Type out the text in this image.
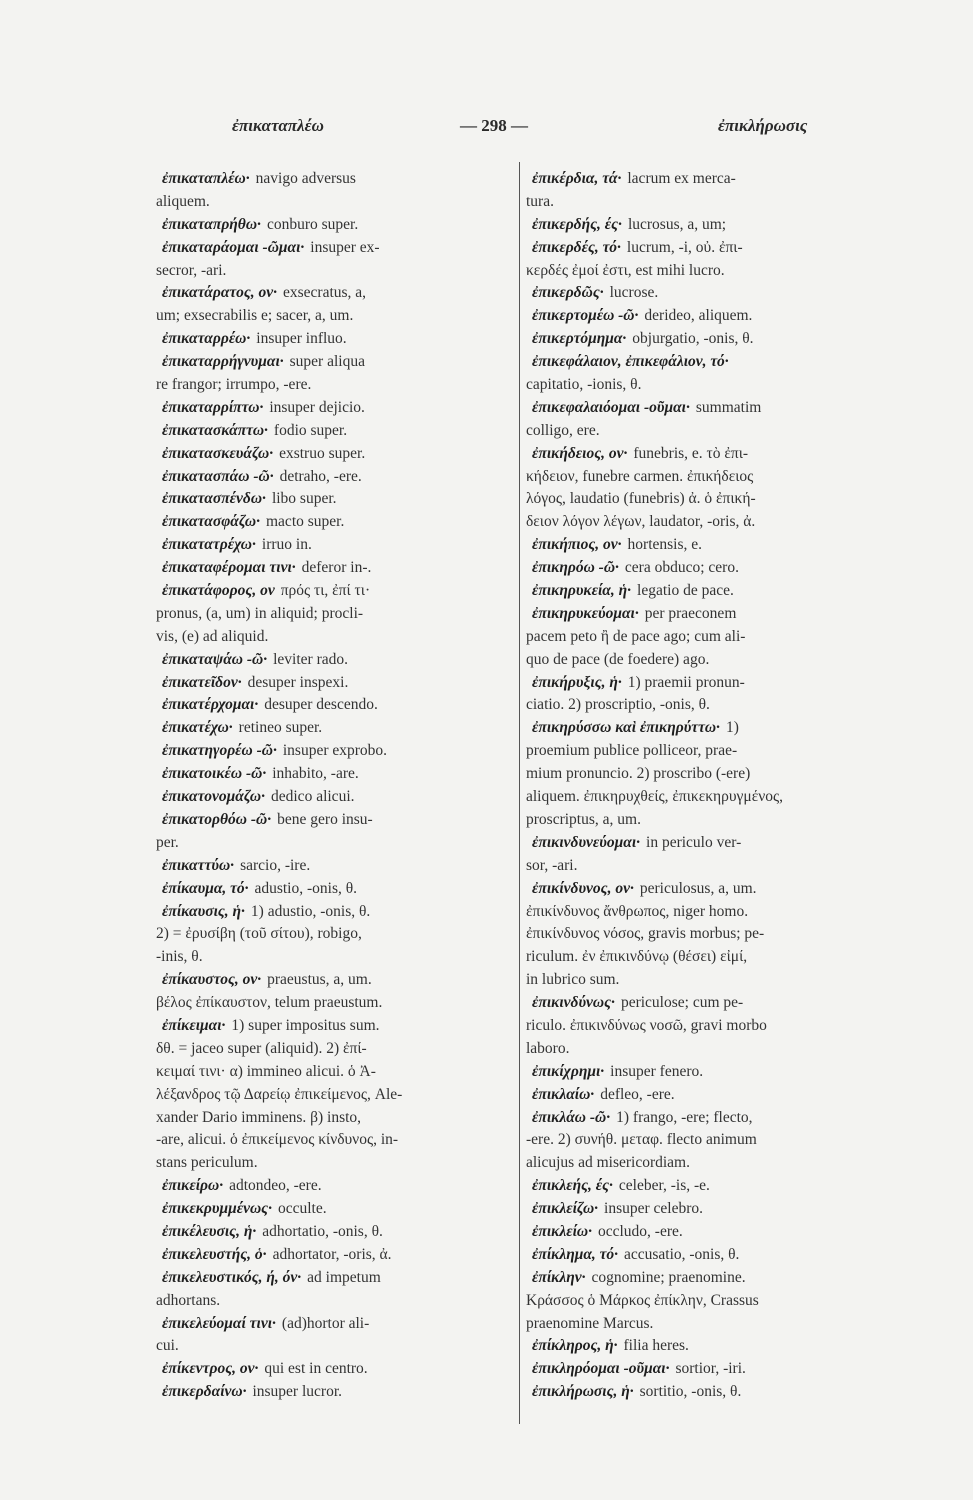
ἐπικαταπλέω	— 298 —	ἐπικλήρωσις
ἐπικαταπλέω· navigo adversus
aliquem.
ἐπικαταπρήθω· conburo super.
ἐπικαταράομαι -ῶμαι· insuper ex-
secror, -ari.
ἐπικατάρατος, ον· exsecratus, a,
um; exsecrabilis e; sacer, a, um.
ἐπικαταρρέω· insuper influo.
ἐπικαταρρήγνυμαι· super aliqua
re frangor; irrumpo, -ere.
ἐπικαταρρίπτω· insuper dejicio.
ἐπικατασκάπτω· fodio super.
ἐπικατασκευάζω· exstruo super.
ἐπικατασπάω -ῶ· detraho, -ere.
ἐπικατασπένδω· libo super.
ἐπικατασφάζω· macto super.
ἐπικατατρέχω· irruo in.
ἐπικαταφέρομαι τινι· deferor in-.
ἐπικατάφορος, ον πρός τι, ἐπί τι·
pronus, (a, um) in aliquid; procli-
vis, (e) ad aliquid.
ἐπικαταψάω -ῶ· leviter rado.
ἐπικατεῖδον· desuper inspexi.
ἐπικατέρχομαι· desuper descendo.
ἐπικατέχω· retineo super.
ἐπικατηγορέω -ῶ· insuper exprobo.
ἐπικατοικέω -ῶ· inhabito, -are.
ἐπικατονομάζω· dedico alicui.
ἐπικατορθόω -ῶ· bene gero insu-
per.
ἐπικαττύω· sarcio, -ire.
ἐπίκαυμα, τό· adustio, -onis, θ.
ἐπίκαυσις, ἡ· 1) adustio, -onis, θ.
2) = ἐρυσίβη (τοῦ σίτου), robigo,
-inis, θ.
ἐπίκαυστος, ον· praeustus, a, um.
βέλος ἐπίκαυστον, telum praeustum.
ἐπίκειμαι· 1) super impositus sum.
δθ. = jaceo super (aliquid). 2) ἐπί-
κειμαί τινι· α) immineo alicui. ὁ Ἀ-
λέξανδρος τῷ Δαρείῳ ἐπικείμενος, Ale-
xander Dario imminens. β) insto,
-are, alicui. ὁ ἐπικείμενος κίνδυνος, in-
stans periculum.
ἐπικείρω· adtondeo, -ere.
ἐπικεκρυμμένως· occulte.
ἐπικέλευσις, ἡ· adhortatio, -onis, θ.
ἐπικελευστής, ὁ· adhortator, -oris, ἀ.
ἐπικελευστικός, ή, όν· ad impetum
adhortans.
ἐπικελεύομαί τινι· (ad)hortor ali-
cui.
ἐπίκεντρος, ον· qui est in centro.
ἐπικερδαίνω· insuper lucror.
ἐπικέρδια, τά· lacrum ex merca-
tura.
ἐπικερδής, ές· lucrosus, a, um;
ἐπικερδές, τό· lucrum, -i, οὐ. ἐπι-
κερδές ἐμοί ἐστι, est mihi lucro.
ἐπικερδῶς· lucrose.
ἐπικερτομέω -ῶ· derideo, aliquem.
ἐπικερτόμημα· objurgatio, -onis, θ.
ἐπικεφάλαιον, ἐπικεφάλιον, τό·
capitatio, -ionis, θ.
ἐπικεφαλαιόομαι -οῦμαι· summatim
colligo, ere.
ἐπικήδειος, ον· funebris, e. τὸ ἐπι-
κήδειον, funebre carmen. ἐπικήδειος
λόγος, laudatio (funebris) ἀ. ὁ ἐπική-
δειον λόγον λέγων, laudator, -oris, ἀ.
ἐπικήπιος, ον· hortensis, e.
ἐπικηρόω -ῶ· cera obduco; cero.
ἐπικηρυκεία, ἡ· legatio de pace.
ἐπικηρυκεύομαι· per praeconem
pacem peto ἢ de pace ago; cum ali-
quo de pace (de foedere) ago.
ἐπικήρυξις, ἡ· 1) praemii pronun-
ciatio. 2) proscriptio, -onis, θ.
ἐπικηρύσσω καὶ ἐπικηρύττω· 1)
proemium publice polliceor, prae-
mium pronuncio. 2) proscribo (-ere)
aliquem. ἐπικηρυχθείς, ἐπικεκηρυγμένος,
proscriptus, a, um.
ἐπικινδυνεύομαι· in periculo ver-
sor, -ari.
ἐπικίνδυνος, ον· periculosus, a, um.
ἐπικίνδυνος ἄνθρωπος, niger homo.
ἐπικίνδυνος νόσος, gravis morbus; pe-
riculum. ἐν ἐπικινδύνῳ (θέσει) εἰμί,
in lubrico sum.
ἐπικινδύνως· periculose; cum pe-
riculo. ἐπικινδύνως νοσῶ, gravi morbo
laboro.
ἐπικίχρημι· insuper fenero.
ἐπικλαίω· defleo, -ere.
ἐπικλάω -ῶ· 1) frango, -ere; flecto,
-ere. 2) συνήθ. μεταφ. flecto animum
alicujus ad misericordiam.
ἐπικλεής, ές· celeber, -is, -e.
ἐπικλείζω· insuper celebro.
ἐπικλείω· occludo, -ere.
ἐπίκλημα, τό· accusatio, -onis, θ.
ἐπίκλην· cognomine; praenomine.
Κράσσος ὁ Μάρκος ἐπίκλην, Crassus
praenomine Marcus.
ἐπίκληρος, ἡ· filia heres.
ἐπικληρόομαι -οῦμαι· sortior, -iri.
ἐπικλήρωσις, ἡ· sortitio, -onis, θ.
